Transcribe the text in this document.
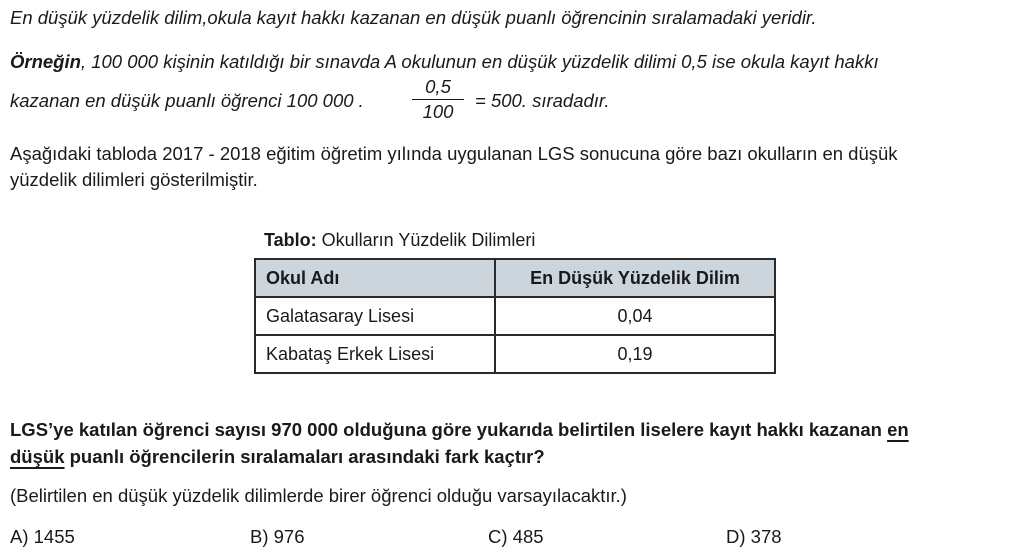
En düşük yüzdelik dilim,okula kayıt hakkı kazanan en düşük puanlı öğrencinin sıralamadaki yeridir.
Örneğin, 100 000 kişinin katıldığı bir sınavda A okulunun en düşük yüzdelik dilimi 0,5 ise okula kayıt hakkı
kazanan en düşük puanlı öğrenci 100 000 .	$\frac{0,5}{100} = 500$. sıradadır.
Aşağıdaki tabloda 2017 - 2018 eğitim öğretim yılında uygulanan LGS sonucuna göre bazı okulların en düşük
yüzdelik dilimleri gösterilmiştir.
Tablo: Okulların Yüzdelik Dilimleri
Okul Adı	En Düşük Yüzdelik Dilim
Galatasaray Lisesi	0,04
Kabataş Erkek Lisesi	0,19
LGS’ye katılan öğrenci sayısı 970 000 olduğuna göre yukarıda belirtilen liselere kayıt hakkı kazanan en
düşük puanlı öğrencilerin sıralamaları arasındaki fark kaçtır?
(Belirtilen en düşük yüzdelik dilimlerde birer öğrenci olduğu varsayılacaktır.)
A) 1455	B) 976	C) 485	D) 378
